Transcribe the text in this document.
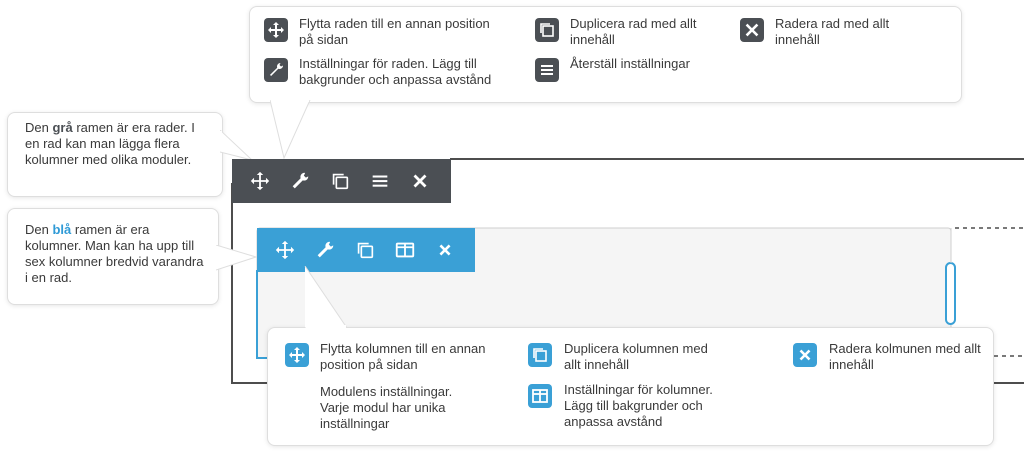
Flytta raden till en annan position på sidan
Inställningar för raden. Lägg till bakgrunder och anpassa avstånd
Duplicera rad med allt innehåll
Återställ inställningar
Radera rad med allt innehåll
Den grå ramen är era rader. I en rad kan man lägga flera kolumner med olika moduler.
Den blå ramen är era kolumner. Man kan ha upp till sex kolumner bredvid varandra i en rad.
Flytta kolumnen till en annan position på sidan
Modulens inställningar. Varje modul har unika inställningar
Duplicera kolumnen med allt innehåll
Inställningar för kolumner. Lägg till bakgrunder och anpassa avstånd
Radera kolmunen med allt innehåll
